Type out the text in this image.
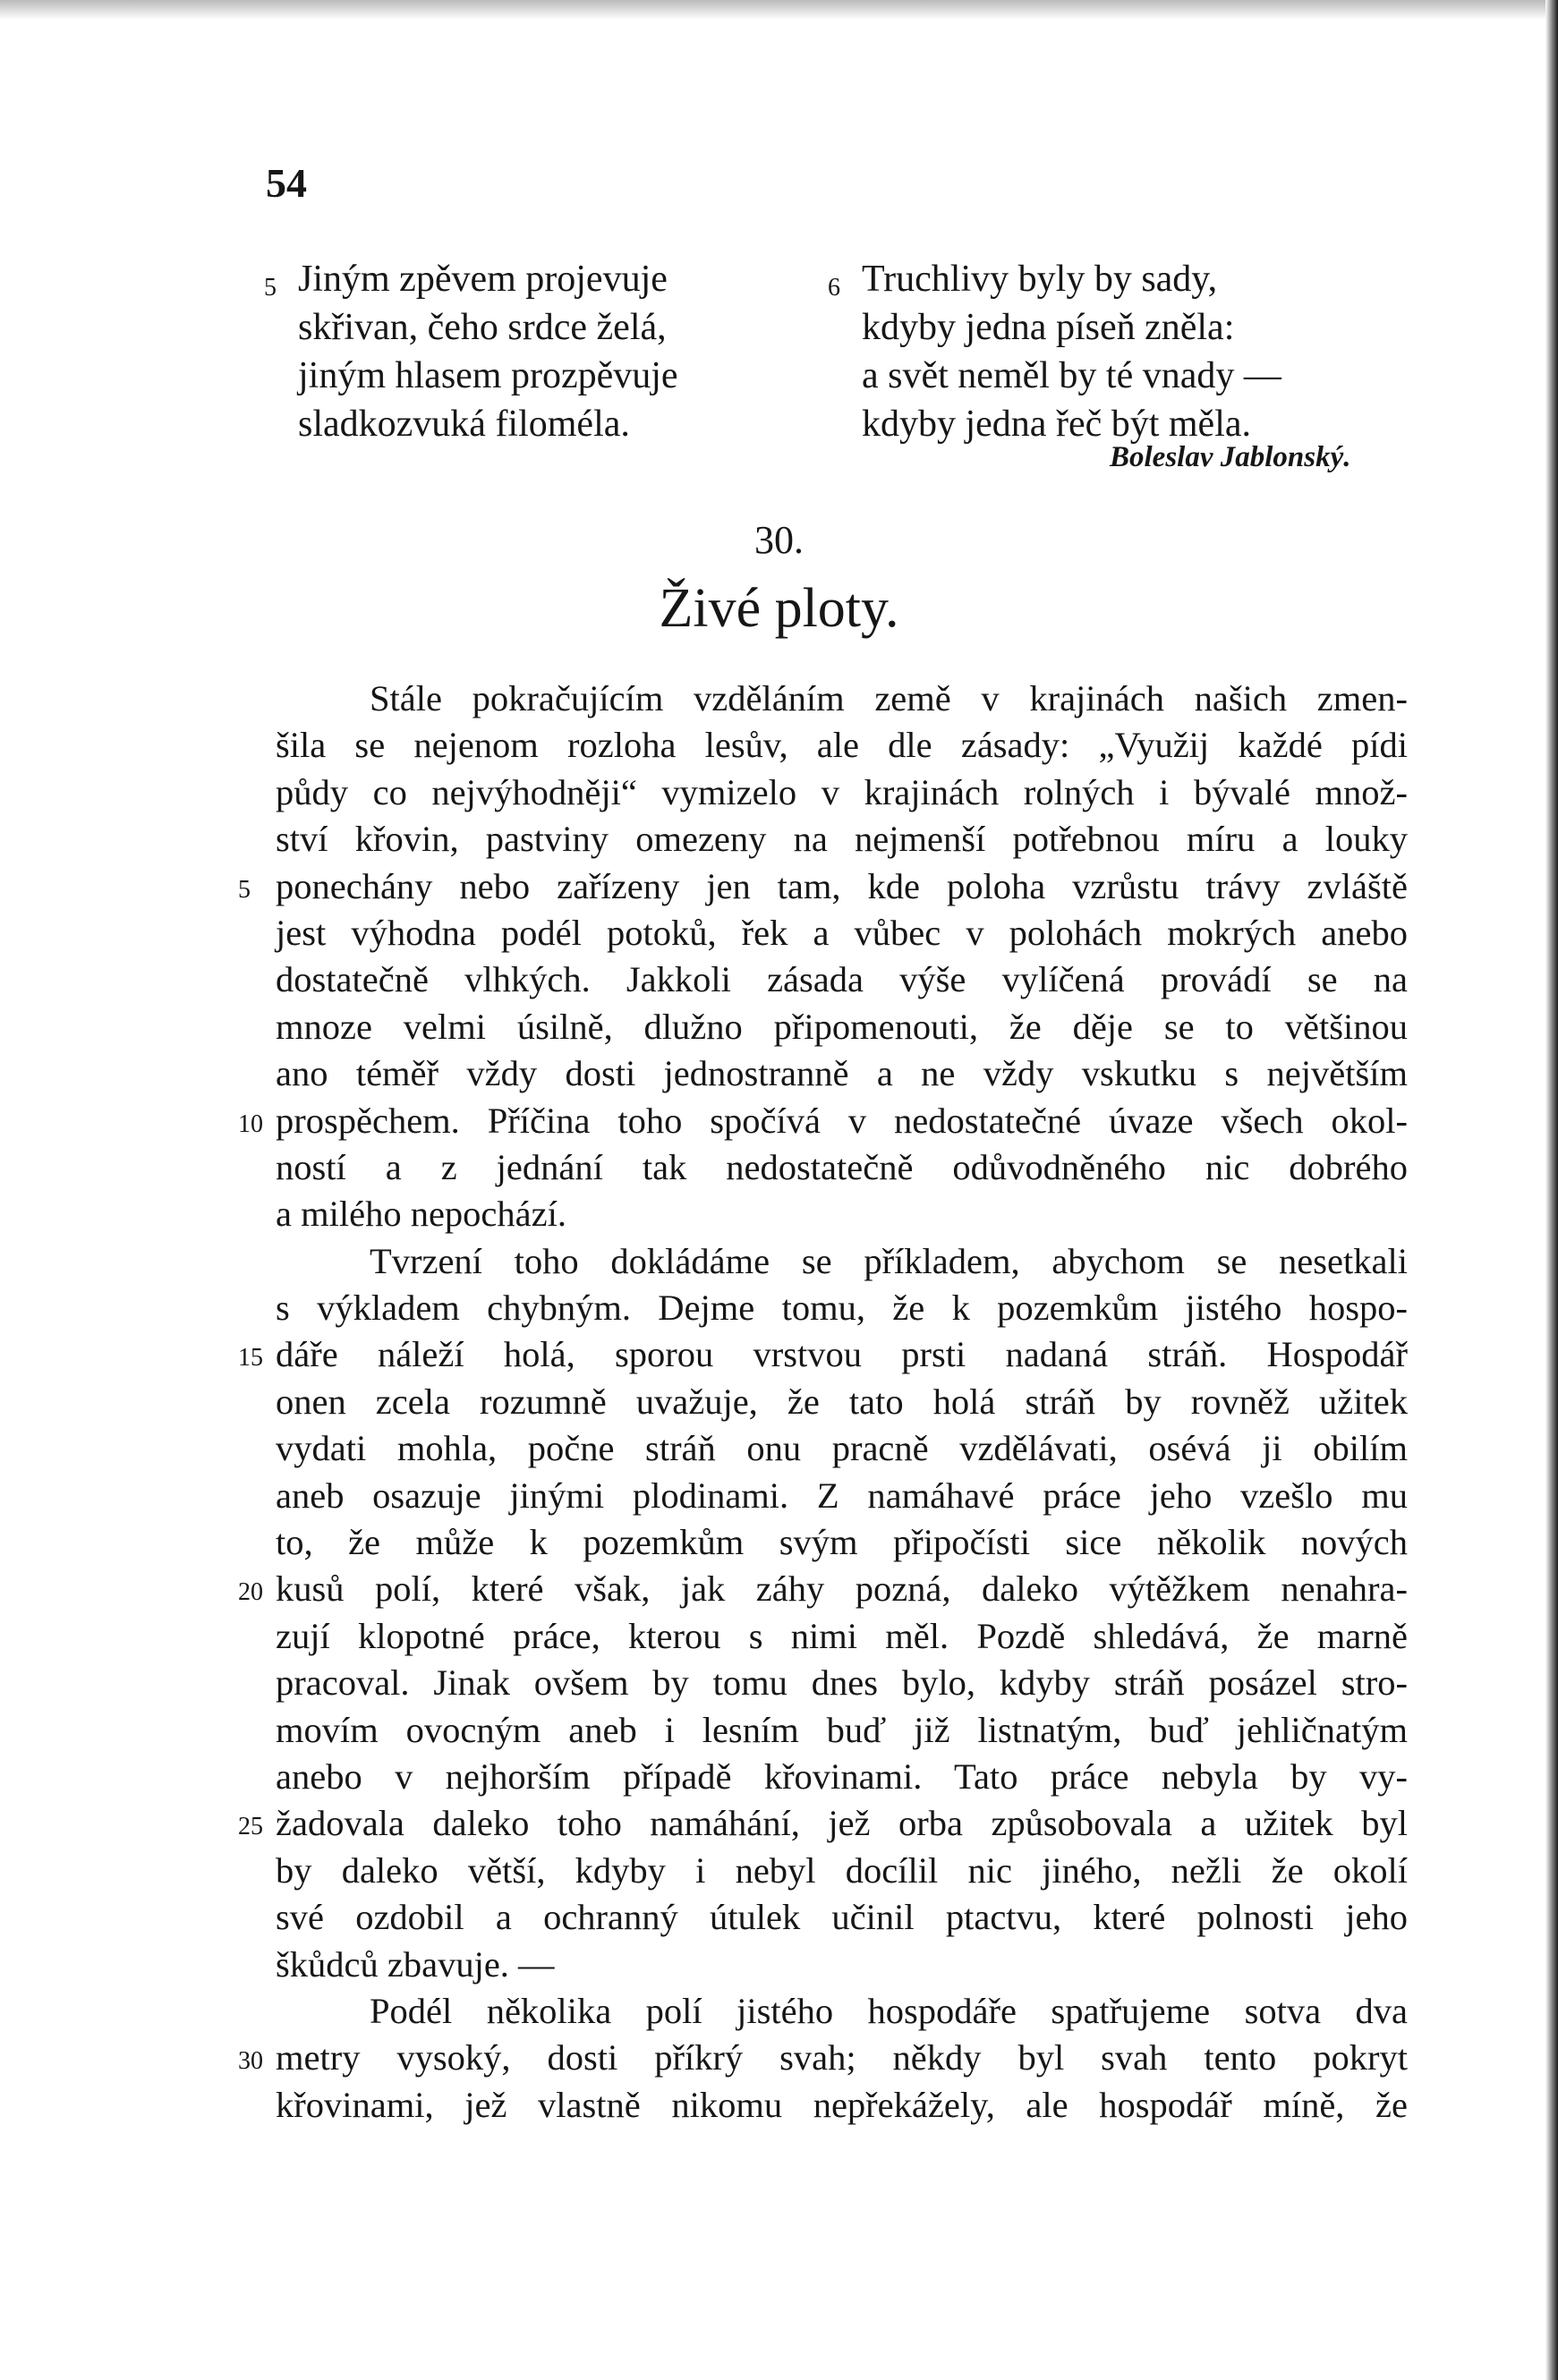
54
5 Jiným zpěvem projevuje
skřivan, čeho srdce želá,
jiným hlasem prozpěvuje
sladkozvuká filoméla.
6 Truchlivy byly by sady,
kdyby jedna píseň zněla:
a svět neměl by té vnady —
kdyby jedna řeč být měla.
Boleslav Jablonský.
30.
Živé ploty.
Stále pokračujícím vzděláním země v krajinách našich zmen-
šila se nejenom rozloha lesův, ale dle zásady: „Využij každé pídi
půdy co nejvýhodněji“ vymizelo v krajinách rolných i bývalé množ-
ství křovin, pastviny omezeny na nejmenší potřebnou míru a louky
5 ponechány nebo zařízeny jen tam, kde poloha vzrůstu trávy zvláště
jest výhodna podél potoků, řek a vůbec v polohách mokrých anebo
dostatečně vlhkých. Jakkoli zásada výše vylíčená provádí se na
mnoze velmi úsilně, dlužno připomenouti, že děje se to většinou
ano téměř vždy dosti jednostranně a ne vždy vskutku s největším
10 prospěchem. Příčina toho spočívá v nedostatečné úvaze všech okol-
ností a z jednání tak nedostatečně odůvodněného nic dobrého
a milého nepochází.
Tvrzení toho dokládáme se příkladem, abychom se nesetkali
s výkladem chybným. Dejme tomu, že k pozemkům jistého hospo-
15 dáře náleží holá, sporou vrstvou prsti nadaná stráň. Hospodář
onen zcela rozumně uvažuje, že tato holá stráň by rovněž užitek
vydati mohla, počne stráň onu pracně vzdělávati, osévá ji obilím
aneb osazuje jinými plodinami. Z namáhavé práce jeho vzešlo mu
to, že může k pozemkům svým připočísti sice několik nových
20 kusů polí, které však, jak záhy pozná, daleko výtěžkem nenahra-
zují klopotné práce, kterou s nimi měl. Pozdě shledává, že marně
pracoval. Jinak ovšem by tomu dnes bylo, kdyby stráň posázel stro-
movím ovocným aneb i lesním buď již listnatým, buď jehličnatým
anebo v nejhorším případě křovinami. Tato práce nebyla by vy-
25 žadovala daleko toho namáhání, jež orba způsobovala a užitek byl
by daleko větší, kdyby i nebyl docílil nic jiného, nežli že okolí
své ozdobil a ochranný útulek učinil ptactvu, které polnosti jeho
škůdců zbavuje. —
Podél několika polí jistého hospodáře spatřujeme sotva dva
30 metry vysoký, dosti příkrý svah; někdy byl svah tento pokryt
křovinami, jež vlastně nikomu nepřekážely, ale hospodář míně, že
